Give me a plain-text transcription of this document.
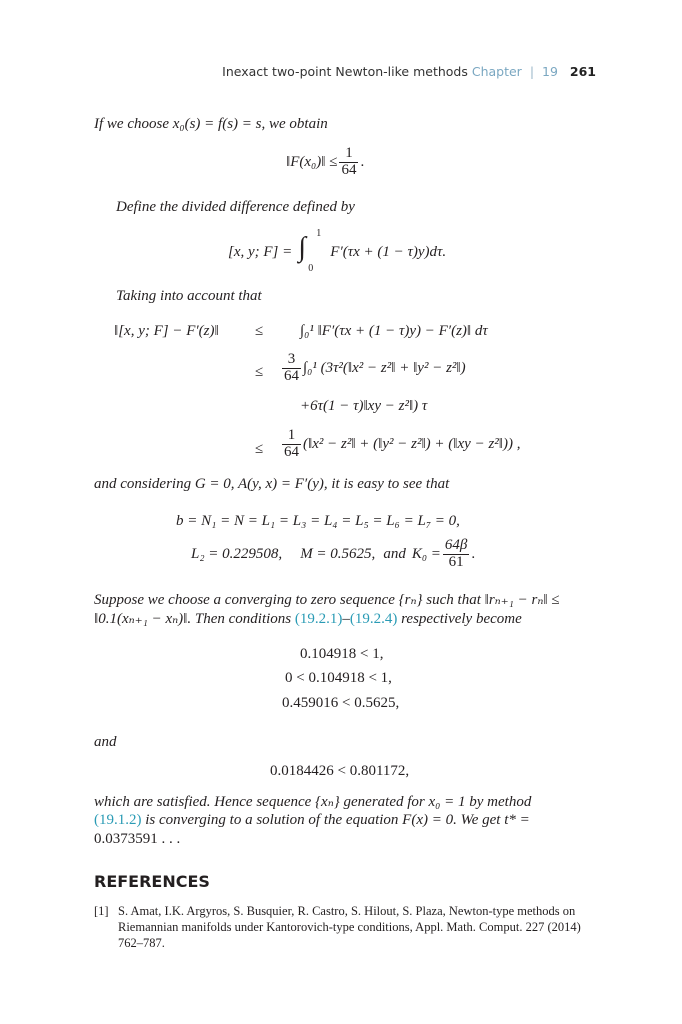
Inexact two-point Newton-like methods Chapter | 19 261
If we choose x₀(s) = f(s) = s, we obtain
‖F(x₀)‖ ≤ $\frac{1}{64}$ .
Define the divided difference defined by
[x, y; F] = ∫ 1
0
F′(τx + (1 − τ)y)dτ.
Taking into account that
‖[x, y; F] − F′(z)‖ ≤ ∫₀¹ ‖F′(τx + (1 − τ)y) − F′(z)‖ dτ
≤ $\frac{3}{64} \int_0^1$ (3τ²(‖x² − z²‖ + ‖y² − z²‖)
+6τ(1 − τ)‖xy − z²‖) τ
≤ $\frac{1}{64}$ (‖x² − z²‖ + (‖y² − z²‖) + (‖xy − z²‖)) ,
and considering G = 0, A(y, x) = F′(y), it is easy to see that
b = N₁ = N = L₁ = L₃ = L₄ = L₅ = L₆ = L₇ = 0,
L₂ = 0.229508, M = 0.5625, and $K_0 = \frac{64\beta}{61}$ .
Suppose we choose a converging to zero sequence {rₙ} such that ‖rₙ₊₁ − rₙ‖ ≤
‖0.1(xₙ₊₁ − xₙ)‖. Then conditions (19.2.1)–(19.2.4) respectively become
0.104918 < 1,
0 < 0.104918 < 1,
0.459016 < 0.5625,
and
0.0184426 < 0.801172,
which are satisfied. Hence sequence {xₙ} generated for x₀ = 1 by method
(19.1.2) is converging to a solution of the equation F(x) = 0. We get t* =
0.0373591 . . .
REFERENCES
[1] S. Amat, I.K. Argyros, S. Busquier, R. Castro, S. Hilout, S. Plaza, Newton-type methods on Riemannian manifolds under Kantorovich-type conditions, Appl. Math. Comput. 227 (2014) 762–787.
